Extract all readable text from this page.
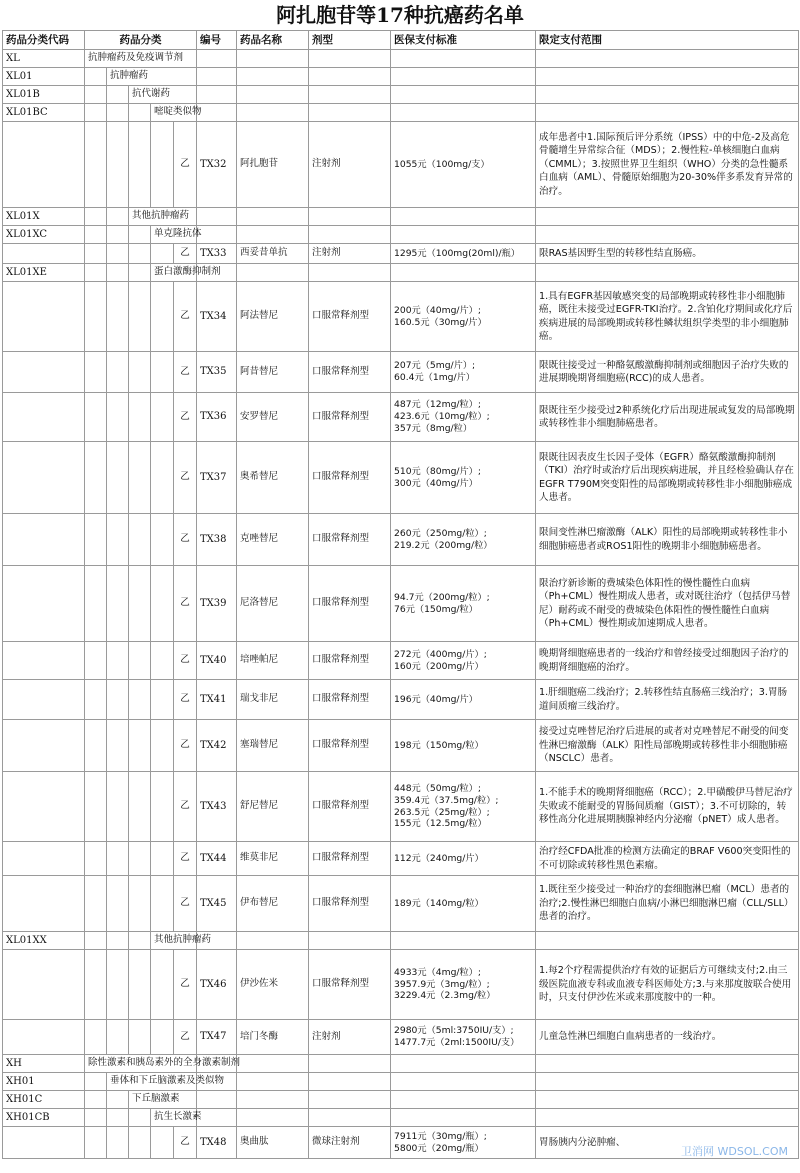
阿扎胞苷等17种抗癌药名单
药品分类代码	药品分类					编号	药品名称	剂型	医保支付标准	限定支付范围
XL	抗肿瘤药及免疫调节剂									
XL01		抗肿瘤药								
XL01B			抗代谢药							
XL01BC				嘧啶类似物						
					乙	TX32	阿扎胞苷	注射剂	1055元（100mg/支）	成年患者中1.国际预后评分系统（IPSS）中的中危-2及高危骨髓增生异常综合征（MDS）；2.慢性粒-单核细胞白血病（CMML）；3.按照世界卫生组织（WHO）分类的急性髓系白血病（AML）、骨髓原始细胞为20-30%伴多系发育异常的治疗。
XL01X			其他抗肿瘤药							
XL01XC				单克隆抗体						
					乙	TX33	西妥昔单抗	注射剂	1295元（100mg(20ml)/瓶）	限RAS基因野生型的转移性结直肠癌。
XL01XE				蛋白激酶抑制剂						
					乙	TX34	阿法替尼	口服常释剂型	200元（40mg/片）;
160.5元（30mg/片）	1.具有EGFR基因敏感突变的局部晚期或转移性非小细胞肺癌，既往未接受过EGFR-TKI治疗。2.含铂化疗期间或化疗后疾病进展的局部晚期或转移性鳞状组织学类型的非小细胞肺癌。
					乙	TX35	阿昔替尼	口服常释剂型	207元（5mg/片）;
60.4元（1mg/片）	限既往接受过一种酪氨酸激酶抑制剂或细胞因子治疗失败的进展期晚期肾细胞癌(RCC)的成人患者。
					乙	TX36	安罗替尼	口服常释剂型	487元（12mg/粒）;
423.6元（10mg/粒）;
357元（8mg/粒）	限既往至少接受过2种系统化疗后出现进展或复发的局部晚期或转移性非小细胞肺癌患者。
					乙	TX37	奥希替尼	口服常释剂型	510元（80mg/片）;
300元（40mg/片）	限既往因表皮生长因子受体（EGFR）酪氨酸激酶抑制剂（TKI）治疗时或治疗后出现疾病进展，并且经检验确认存在EGFR T790M突变阳性的局部晚期或转移性非小细胞肺癌成人患者。
					乙	TX38	克唑替尼	口服常释剂型	260元（250mg/粒）;
219.2元（200mg/粒）	限间变性淋巴瘤激酶（ALK）阳性的局部晚期或转移性非小细胞肺癌患者或ROS1阳性的晚期非小细胞肺癌患者。
					乙	TX39	尼洛替尼	口服常释剂型	94.7元（200mg/粒）;
76元（150mg/粒）	限治疗新诊断的费城染色体阳性的慢性髓性白血病（Ph+CML）慢性期成人患者，或对既往治疗（包括伊马替尼）耐药或不耐受的费城染色体阳性的慢性髓性白血病（Ph+CML）慢性期或加速期成人患者。
					乙	TX40	培唑帕尼	口服常释剂型	272元（400mg/片）;
160元（200mg/片）	晚期肾细胞癌患者的一线治疗和曾经接受过细胞因子治疗的晚期肾细胞癌的治疗。
					乙	TX41	瑞戈非尼	口服常释剂型	196元（40mg/片）	1.肝细胞癌二线治疗；2.转移性结直肠癌三线治疗；3.胃肠道间质瘤三线治疗。
					乙	TX42	塞瑞替尼	口服常释剂型	198元（150mg/粒）	接受过克唑替尼治疗后进展的或者对克唑替尼不耐受的间变性淋巴瘤激酶（ALK）阳性局部晚期或转移性非小细胞肺癌（NSCLC）患者。
					乙	TX43	舒尼替尼	口服常释剂型	448元（50mg/粒）;
359.4元（37.5mg/粒）;
263.5元（25mg/粒）;
155元（12.5mg/粒）	1.不能手术的晚期肾细胞癌（RCC）；2.甲磺酸伊马替尼治疗失败或不能耐受的胃肠间质瘤（GIST）；3.不可切除的，转移性高分化进展期胰腺神经内分泌瘤（pNET）成人患者。
					乙	TX44	维莫非尼	口服常释剂型	112元（240mg/片）	治疗经CFDA批准的检测方法确定的BRAF V600突变阳性的不可切除或转移性黑色素瘤。
					乙	TX45	伊布替尼	口服常释剂型	189元（140mg/粒）	1.既往至少接受过一种治疗的套细胞淋巴瘤（MCL）患者的治疗;2.慢性淋巴细胞白血病/小淋巴细胞淋巴瘤（CLL/SLL）患者的治疗。
XL01XX				其他抗肿瘤药						
					乙	TX46	伊沙佐米	口服常释剂型	4933元（4mg/粒）;
3957.9元（3mg/粒）;
3229.4元（2.3mg/粒）	1.每2个疗程需提供治疗有效的证据后方可继续支付;2.由三级医院血液专科或血液专科医师处方;3.与来那度胺联合使用时，只支付伊沙佐米或来那度胺中的一种。
					乙	TX47	培门冬酶	注射剂	2980元（5ml:3750IU/支）;
1477.7元（2ml:1500IU/支）	儿童急性淋巴细胞白血病患者的一线治疗。
XH	除性激素和胰岛素外的全身激素制剂									
XH01		垂体和下丘脑激素及类似物								
XH01C			下丘脑激素							
XH01CB				抗生长激素						
					乙	TX48	奥曲肽	微球注射剂	7911元（30mg/瓶）;
5800元（20mg/瓶）	胃肠胰内分泌肿瘤、
卫消网 WDSOL.COM
